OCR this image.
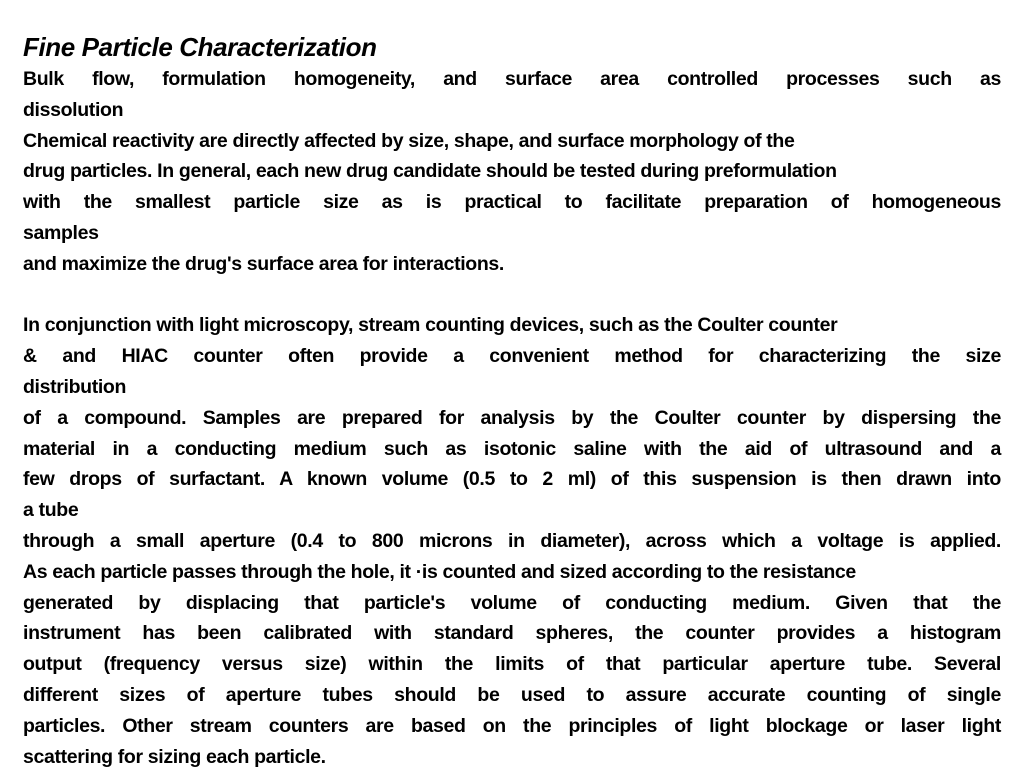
Fine Particle Characterization
Bulk flow, formulation homogeneity, and surface area controlled processes such as
dissolution
Chemical reactivity are directly affected by size, shape, and surface morphology of the
drug particles. In general, each new drug candidate should be tested during preformulation
with the smallest particle size as is practical to facilitate preparation of homogeneous
samples
and maximize the drug's surface area for interactions.
In conjunction with light microscopy, stream counting devices, such as the Coulter counter
& and HIAC counter often provide a convenient method for characterizing the size
distribution
of a compound. Samples are prepared for analysis by the Coulter counter by dispersing the
material in a conducting medium such as isotonic saline with the aid of ultrasound and a
few drops of surfactant. A known volume (0.5 to 2 ml) of this suspension is then drawn into
a tube
through a small aperture (0.4 to 800 microns in diameter), across which a voltage is applied.
As each particle passes through the hole, it ·is counted and sized according to the resistance
generated by displacing that particle's volume of conducting medium. Given that the
instrument has been calibrated with standard spheres, the counter provides a histogram
output (frequency versus size) within the limits of that particular aperture tube. Several
different sizes of aperture tubes should be used to assure accurate counting of single
particles. Other stream counters are based on the principles of light blockage or laser light
scattering for sizing each particle.
